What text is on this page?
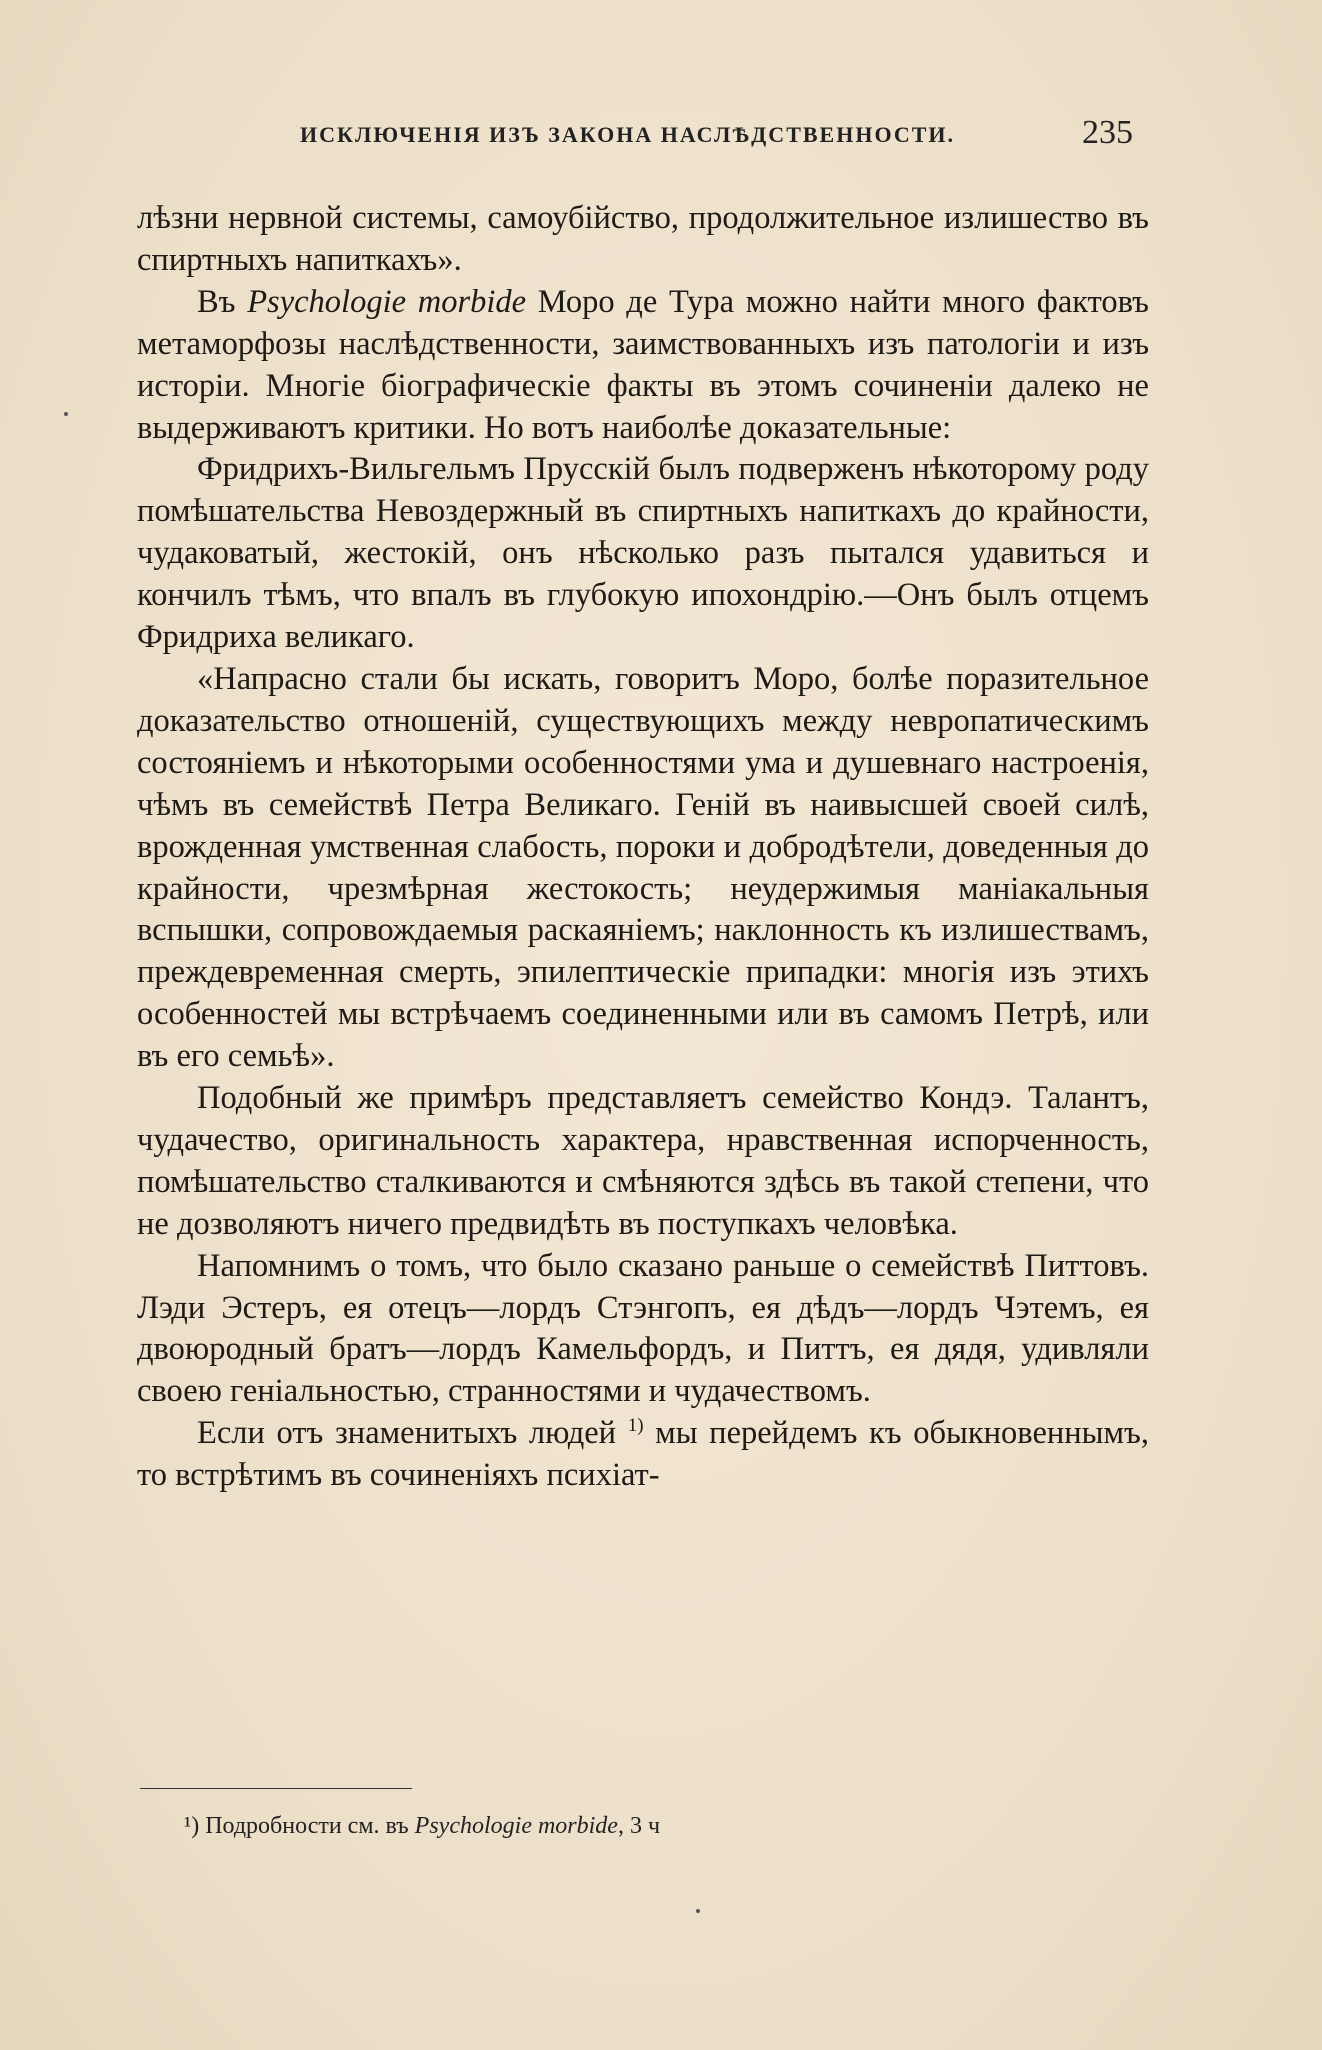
ИСКЛЮЧЕНІЯ ИЗЪ ЗАКОНА НАСЛѢДСТВЕННОСТИ.	235

лѣзни нервной системы, самоубійство, продолжительное излишество въ спиртныхъ напиткахъ».

Въ Psychologie morbide Моро де Тура можно найти много фактовъ метаморфозы наслѣдственности, заимствованныхъ изъ патологіи и изъ исторіи. Многіе біографическіе факты въ этомъ сочиненіи далеко не выдерживаютъ критики. Но вотъ наиболѣе доказательные:

Фридрихъ-Вильгельмъ Прусскій былъ подверженъ нѣкоторому роду помѣшательства Невоздержный въ спиртныхъ напиткахъ до крайности, чудаковатый, жестокій, онъ нѣсколько разъ пытался удавиться и кончилъ тѣмъ, что впалъ въ глубокую ипохондрію.—Онъ былъ отцемъ Фридриха великаго.

«Напрасно стали бы искать, говоритъ Моро, болѣе поразительное доказательство отношеній, существующихъ между невропатическимъ состояніемъ и нѣкоторыми особенностями ума и душевнаго настроенія, чѣмъ въ семействѣ Петра Великаго. Геній въ наивысшей своей силѣ, врожденная умственная слабость, пороки и добродѣтели, доведенныя до крайности, чрезмѣрная жестокость; неудержимыя маніакальныя вспышки, сопровождаемыя раскаяніемъ; наклонность къ излишествамъ, преждевременная смерть, эпилептическіе припадки: многія изъ этихъ особенностей мы встрѣчаемъ соединенными или въ самомъ Петрѣ, или въ его семьѣ».

Подобный же примѣръ представляетъ семейство Кондэ. Талантъ, чудачество, оригинальность характера, нравственная испорченность, помѣшательство сталкиваются и смѣняются здѣсь въ такой степени, что не дозволяютъ ничего предвидѣть въ поступкахъ человѣка.

Напомнимъ о томъ, что было сказано раньше о семействѣ Питтовъ. Лэди Эстеръ, ея отецъ—лордъ Стэнгопъ, ея дѣдъ—лордъ Чэтемъ, ея двоюродный братъ—лордъ Камельфордъ, и Питтъ, ея дядя, удивляли своею геніальностью, странностями и чудачествомъ.

Если отъ знаменитыхъ людей $^{1)}$ мы перейдемъ къ обыкновеннымъ, то встрѣтимъ въ сочиненіяхъ психіат-

¹) Подробности см. въ Psychologie morbide, 3 ч
